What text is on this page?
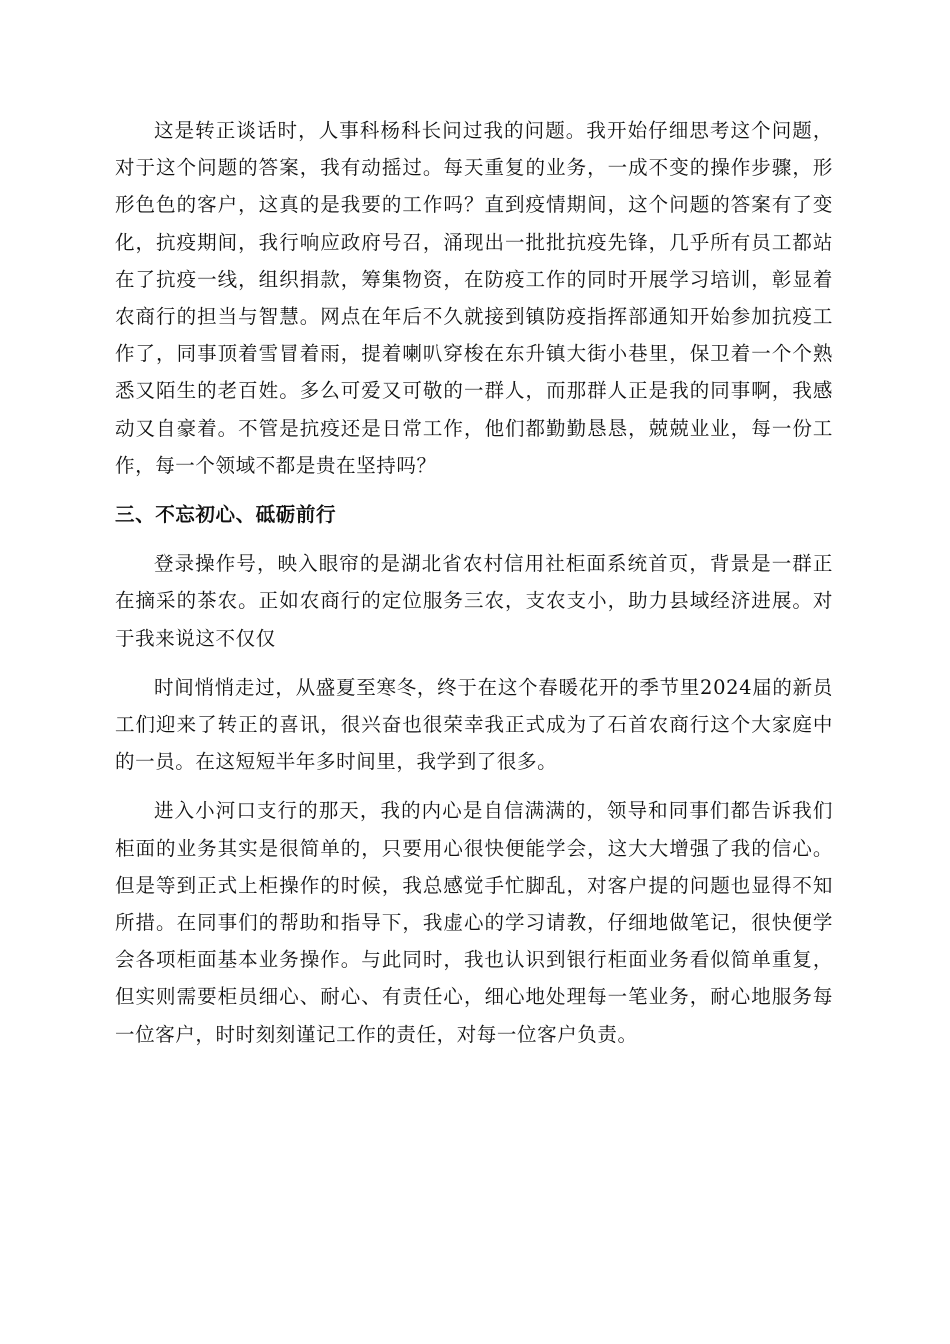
这是转正谈话时，人事科杨科长问过我的问题。我开始仔细思考这个问题，对于这个问题的答案，我有动摇过。每天重复的业务，一成不变的操作步骤，形形色色的客户，这真的是我要的工作吗？直到疫情期间，这个问题的答案有了变化，抗疫期间，我行响应政府号召，涌现出一批批抗疫先锋，几乎所有员工都站在了抗疫一线，组织捐款，筹集物资，在防疫工作的同时开展学习培训，彰显着农商行的担当与智慧。网点在年后不久就接到镇防疫指挥部通知开始参加抗疫工作了，同事顶着雪冒着雨，提着喇叭穿梭在东升镇大街小巷里，保卫着一个个熟悉又陌生的老百姓。多么可爱又可敬的一群人，而那群人正是我的同事啊，我感动又自豪着。不管是抗疫还是日常工作，他们都勤勤恳恳，兢兢业业，每一份工作，每一个领域不都是贵在坚持吗？

三、不忘初心、砥砺前行

登录操作号，映入眼帘的是湖北省农村信用社柜面系统首页，背景是一群正在摘采的茶农。正如农商行的定位服务三农，支农支小，助力县域经济进展。对于我来说这不仅仅

时间悄悄走过，从盛夏至寒冬，终于在这个春暖花开的季节里2024届的新员工们迎来了转正的喜讯，很兴奋也很荣幸我正式成为了石首农商行这个大家庭中的一员。在这短短半年多时间里，我学到了很多。

进入小河口支行的那天，我的内心是自信满满的，领导和同事们都告诉我们柜面的业务其实是很简单的，只要用心很快便能学会，这大大增强了我的信心。但是等到正式上柜操作的时候，我总感觉手忙脚乱，对客户提的问题也显得不知所措。在同事们的帮助和指导下，我虚心的学习请教，仔细地做笔记，很快便学会各项柜面基本业务操作。与此同时，我也认识到银行柜面业务看似简单重复，但实则需要柜员细心、耐心、有责任心，细心地处理每一笔业务，耐心地服务每一位客户，时时刻刻谨记工作的责任，对每一位客户负责。
